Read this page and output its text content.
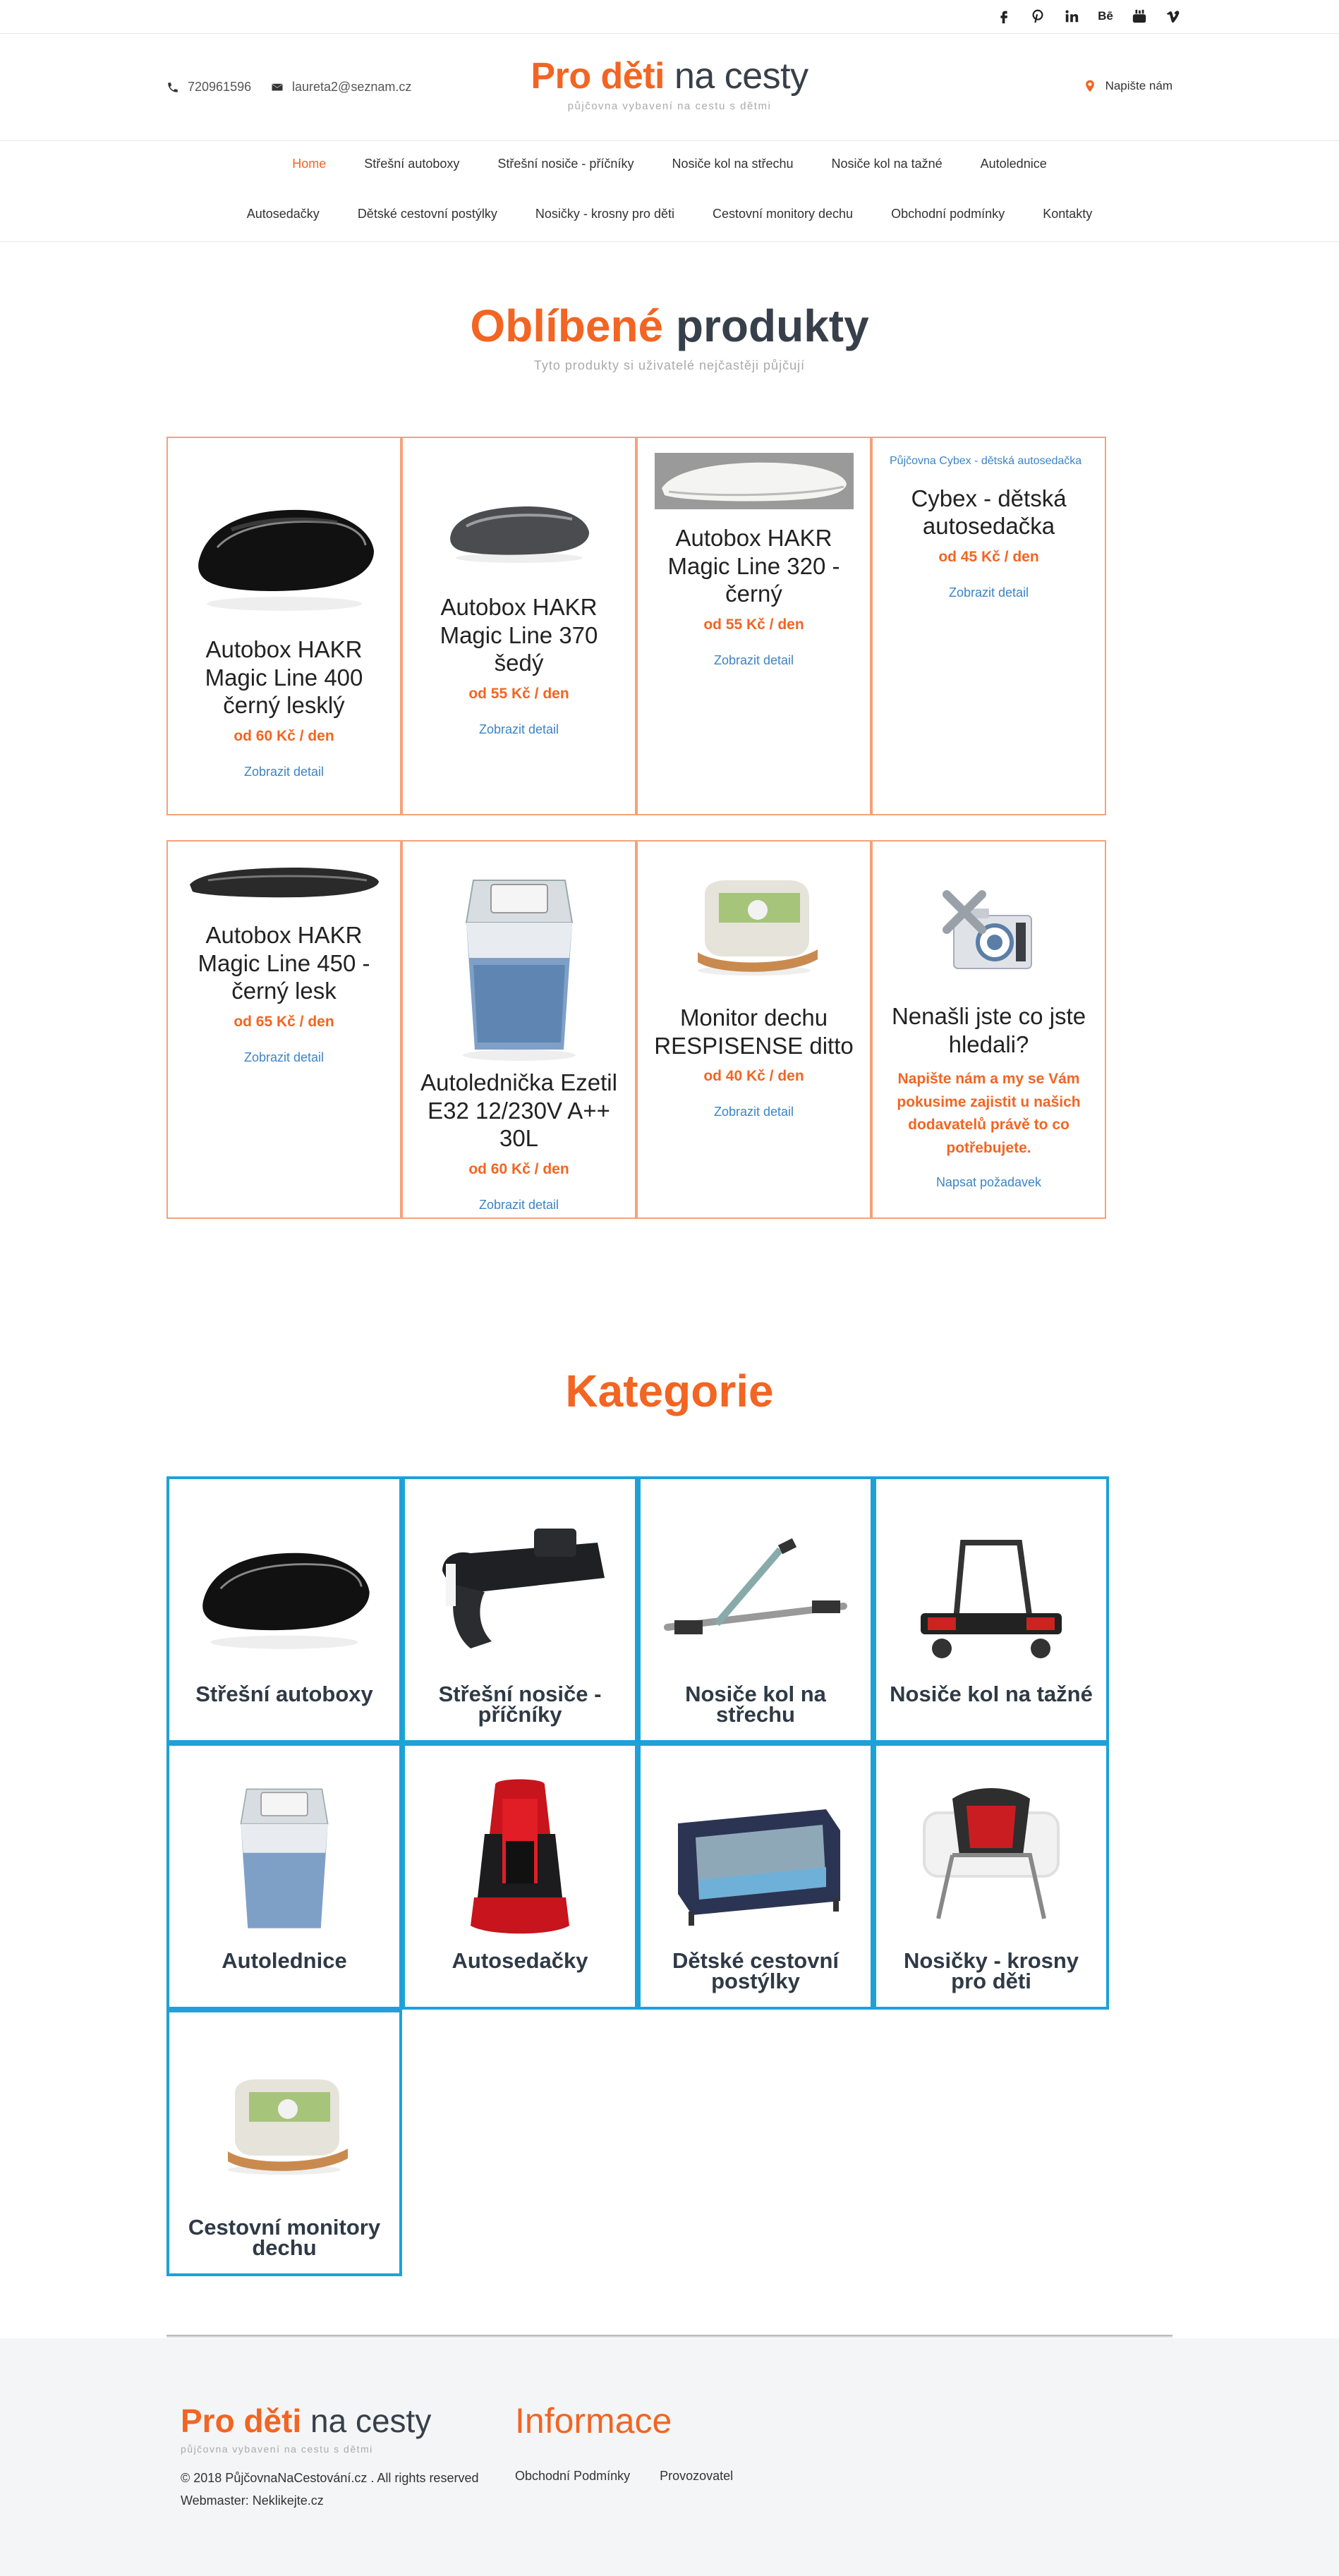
Bē
720961596	laureta2@seznam.cz	Pro děti na cesty
půjčovna vybavení na cestu s dětmi
Napište nám
Home	Střešní autoboxy	Střešní nosiče - příčníky	Nosiče kol na střechu	Nosiče kol na tažné	Autolednice
Autosedačky	Dětské cestovní postýlky	Nosičky - krosny pro děti	Cestovní monitory dechu	Obchodní podmínky	Kontakty
Oblíbené produkty
Tyto produkty si uživatelé nejčastěji půjčují
Autobox HAKR Magic Line 400 černý lesklý
od 60 Kč / den
Zobrazit detail
Autobox HAKR Magic Line 370 šedý
od 55 Kč / den
Zobrazit detail
Autobox HAKR Magic Line 320 - černý
od 55 Kč / den
Zobrazit detail
Půjčovna Cybex - dětská autosedačka
Cybex - dětská autosedačka
od 45 Kč / den
Zobrazit detail
Autobox HAKR Magic Line 450 - černý lesk
od 65 Kč / den
Zobrazit detail
Autolednička Ezetil E32 12/230V A++ 30L
od 60 Kč / den
Zobrazit detail
Monitor dechu RESPISENSE ditto
od 40 Kč / den
Zobrazit detail
Nenašli jste co jste hledali?
Napište nám a my se Vám pokusime zajistit u našich dodavatelů právě to co potřebujete.
Napsat požadavek
Kategorie
Střešní autoboxy	Střešní nosiče - příčníky
Nosiče kol na střechu
Nosiče kol na tažné
Autolednice	Autosedačky	Dětské cestovní postýlky
Nosičky - krosny pro děti
Cestovní monitory dechu
Pro děti na cesty
půjčovna vybavení na cestu s dětmi
© 2018 PůjčovnaNaCestování.cz . All rights reserved
Webmaster: Neklikejte.cz
Informace
Obchodní Podmínky Provozovatel
